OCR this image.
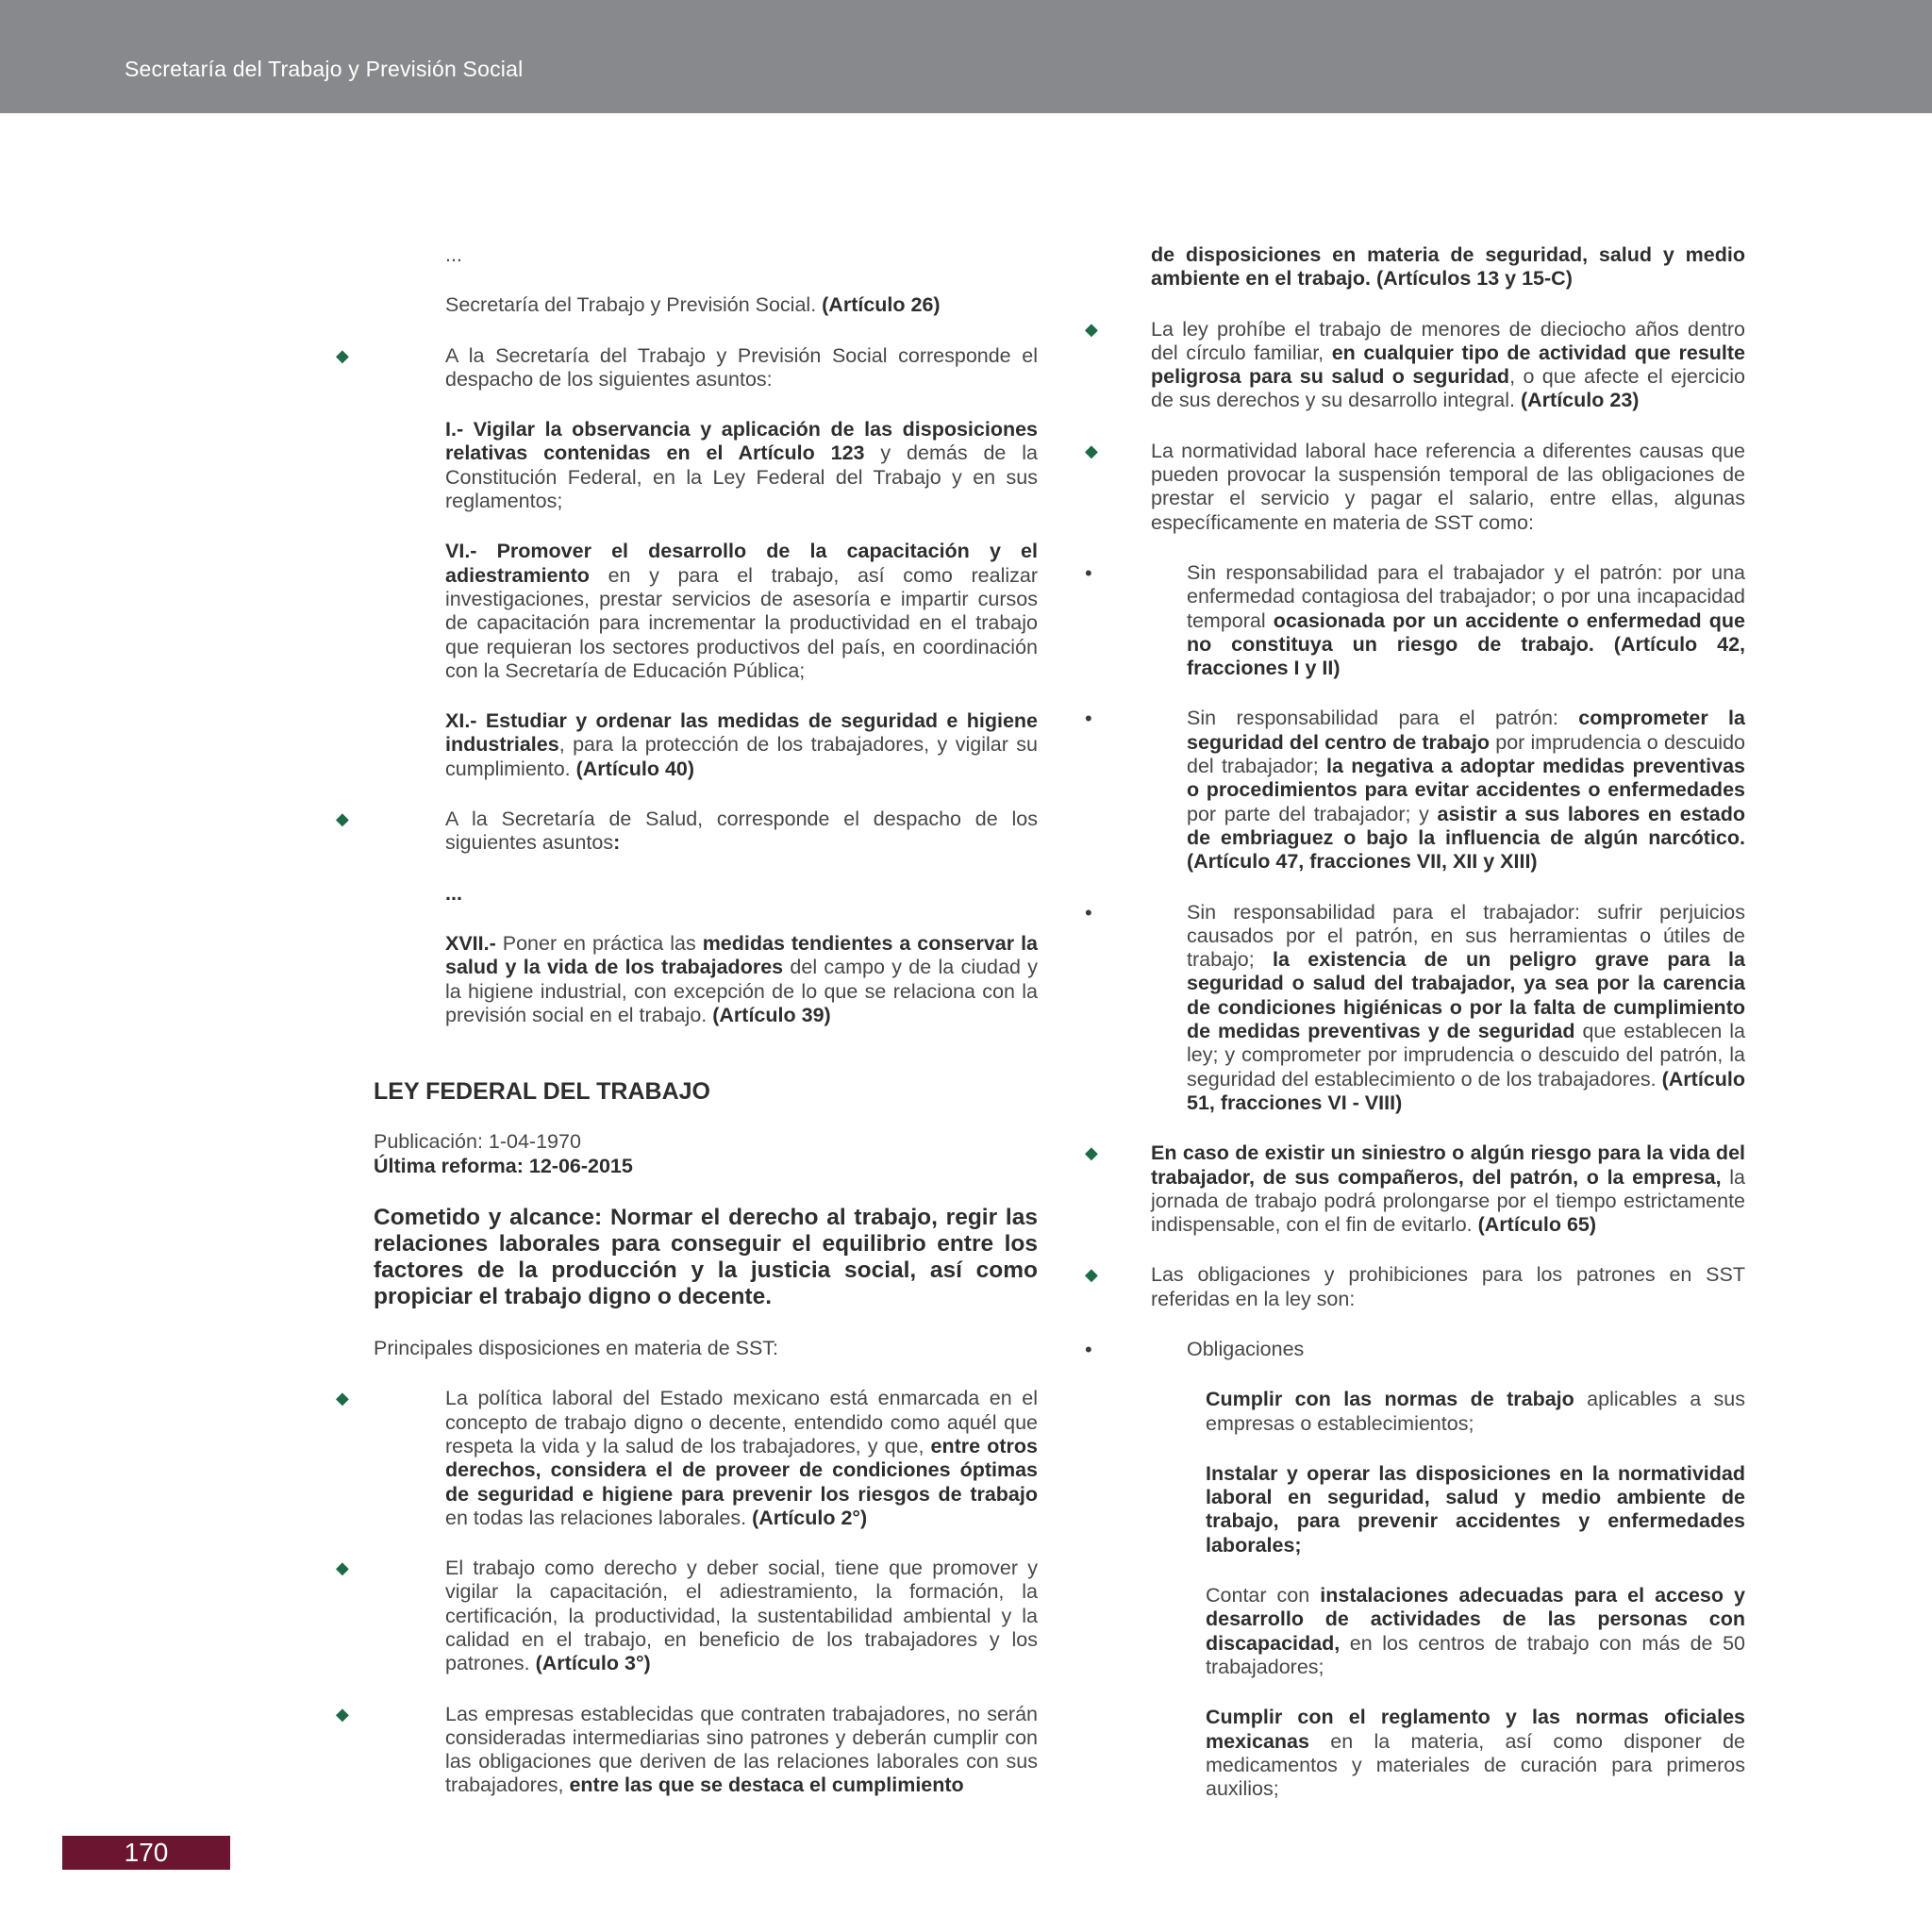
Secretaría del Trabajo y Previsión Social

...

Secretaría del Trabajo y Previsión Social. (Artículo 26)

◆ A la Secretaría del Trabajo y Previsión Social corresponde el despacho de los siguientes asuntos:

I.- Vigilar la observancia y aplicación de las disposiciones relativas contenidas en el Artículo 123 y demás de la Constitución Federal, en la Ley Federal del Trabajo y en sus reglamentos;

VI.- Promover el desarrollo de la capacitación y el adiestramiento en y para el trabajo, así como realizar investigaciones, prestar servicios de asesoría e impartir cursos de capacitación para incrementar la productividad en el trabajo que requieran los sectores productivos del país, en coordinación con la Secretaría de Educación Pública;

XI.- Estudiar y ordenar las medidas de seguridad e higiene industriales, para la protección de los trabajadores, y vigilar su cumplimiento. (Artículo 40)

◆ A la Secretaría de Salud, corresponde el despacho de los siguientes asuntos:

...

XVII.- Poner en práctica las medidas tendientes a conservar la salud y la vida de los trabajadores del campo y de la ciudad y la higiene industrial, con excepción de lo que se relaciona con la previsión social en el trabajo. (Artículo 39)

LEY FEDERAL DEL TRABAJO

Publicación: 1-04-1970

Última reforma: 12-06-2015

Cometido y alcance: Normar el derecho al trabajo, regir las relaciones laborales para conseguir el equilibrio entre los factores de la producción y la justicia social, así como propiciar el trabajo digno o decente.

Principales disposiciones en materia de SST:

◆ La política laboral del Estado mexicano está enmarcada en el concepto de trabajo digno o decente, entendido como aquél que respeta la vida y la salud de los trabajadores, y que, entre otros derechos, considera el de proveer de condiciones óptimas de seguridad e higiene para prevenir los riesgos de trabajo en todas las relaciones laborales. (Artículo 2°)

◆ El trabajo como derecho y deber social, tiene que promover y vigilar la capacitación, el adiestramiento, la formación, la certificación, la productividad, la sustentabilidad ambiental y la calidad en el trabajo, en beneficio de los trabajadores y los patrones. (Artículo 3°)

◆ Las empresas establecidas que contraten trabajadores, no serán consideradas intermediarias sino patrones y deberán cumplir con las obligaciones que deriven de las relaciones laborales con sus trabajadores, entre las que se destaca el cumplimiento

de disposiciones en materia de seguridad, salud y medio ambiente en el trabajo. (Artículos 13 y 15-C)

◆ La ley prohíbe el trabajo de menores de dieciocho años dentro del círculo familiar, en cualquier tipo de actividad que resulte peligrosa para su salud o seguridad, o que afecte el ejercicio de sus derechos y su desarrollo integral. (Artículo 23)

◆ La normatividad laboral hace referencia a diferentes causas que pueden provocar la suspensión temporal de las obligaciones de prestar el servicio y pagar el salario, entre ellas, algunas específicamente en materia de SST como:

• Sin responsabilidad para el trabajador y el patrón: por una enfermedad contagiosa del trabajador; o por una incapacidad temporal ocasionada por un accidente o enfermedad que no constituya un riesgo de trabajo. (Artículo 42, fracciones I y II)

• Sin responsabilidad para el patrón: comprometer la seguridad del centro de trabajo por imprudencia o descuido del trabajador; la negativa a adoptar medidas preventivas o procedimientos para evitar accidentes o enfermedades por parte del trabajador; y asistir a sus labores en estado de embriaguez o bajo la influencia de algún narcótico. (Artículo 47, fracciones VII, XII y XIII)

• Sin responsabilidad para el trabajador: sufrir perjuicios causados por el patrón, en sus herramientas o útiles de trabajo; la existencia de un peligro grave para la seguridad o salud del trabajador, ya sea por la carencia de condiciones higiénicas o por la falta de cumplimiento de medidas preventivas y de seguridad que establecen la ley; y comprometer por imprudencia o descuido del patrón, la seguridad del establecimiento o de los trabajadores. (Artículo 51, fracciones VI - VIII)

◆ En caso de existir un siniestro o algún riesgo para la vida del trabajador, de sus compañeros, del patrón, o la empresa, la jornada de trabajo podrá prolongarse por el tiempo estrictamente indispensable, con el fin de evitarlo. (Artículo 65)

◆ Las obligaciones y prohibiciones para los patrones en SST referidas en la ley son:

• Obligaciones

Cumplir con las normas de trabajo aplicables a sus empresas o establecimientos;

Instalar y operar las disposiciones en la normatividad laboral en seguridad, salud y medio ambiente de trabajo, para prevenir accidentes y enfermedades laborales;

Contar con instalaciones adecuadas para el acceso y desarrollo de actividades de las personas con discapacidad, en los centros de trabajo con más de 50 trabajadores;

Cumplir con el reglamento y las normas oficiales mexicanas en la materia, así como disponer de medicamentos y materiales de curación para primeros auxilios;

170
